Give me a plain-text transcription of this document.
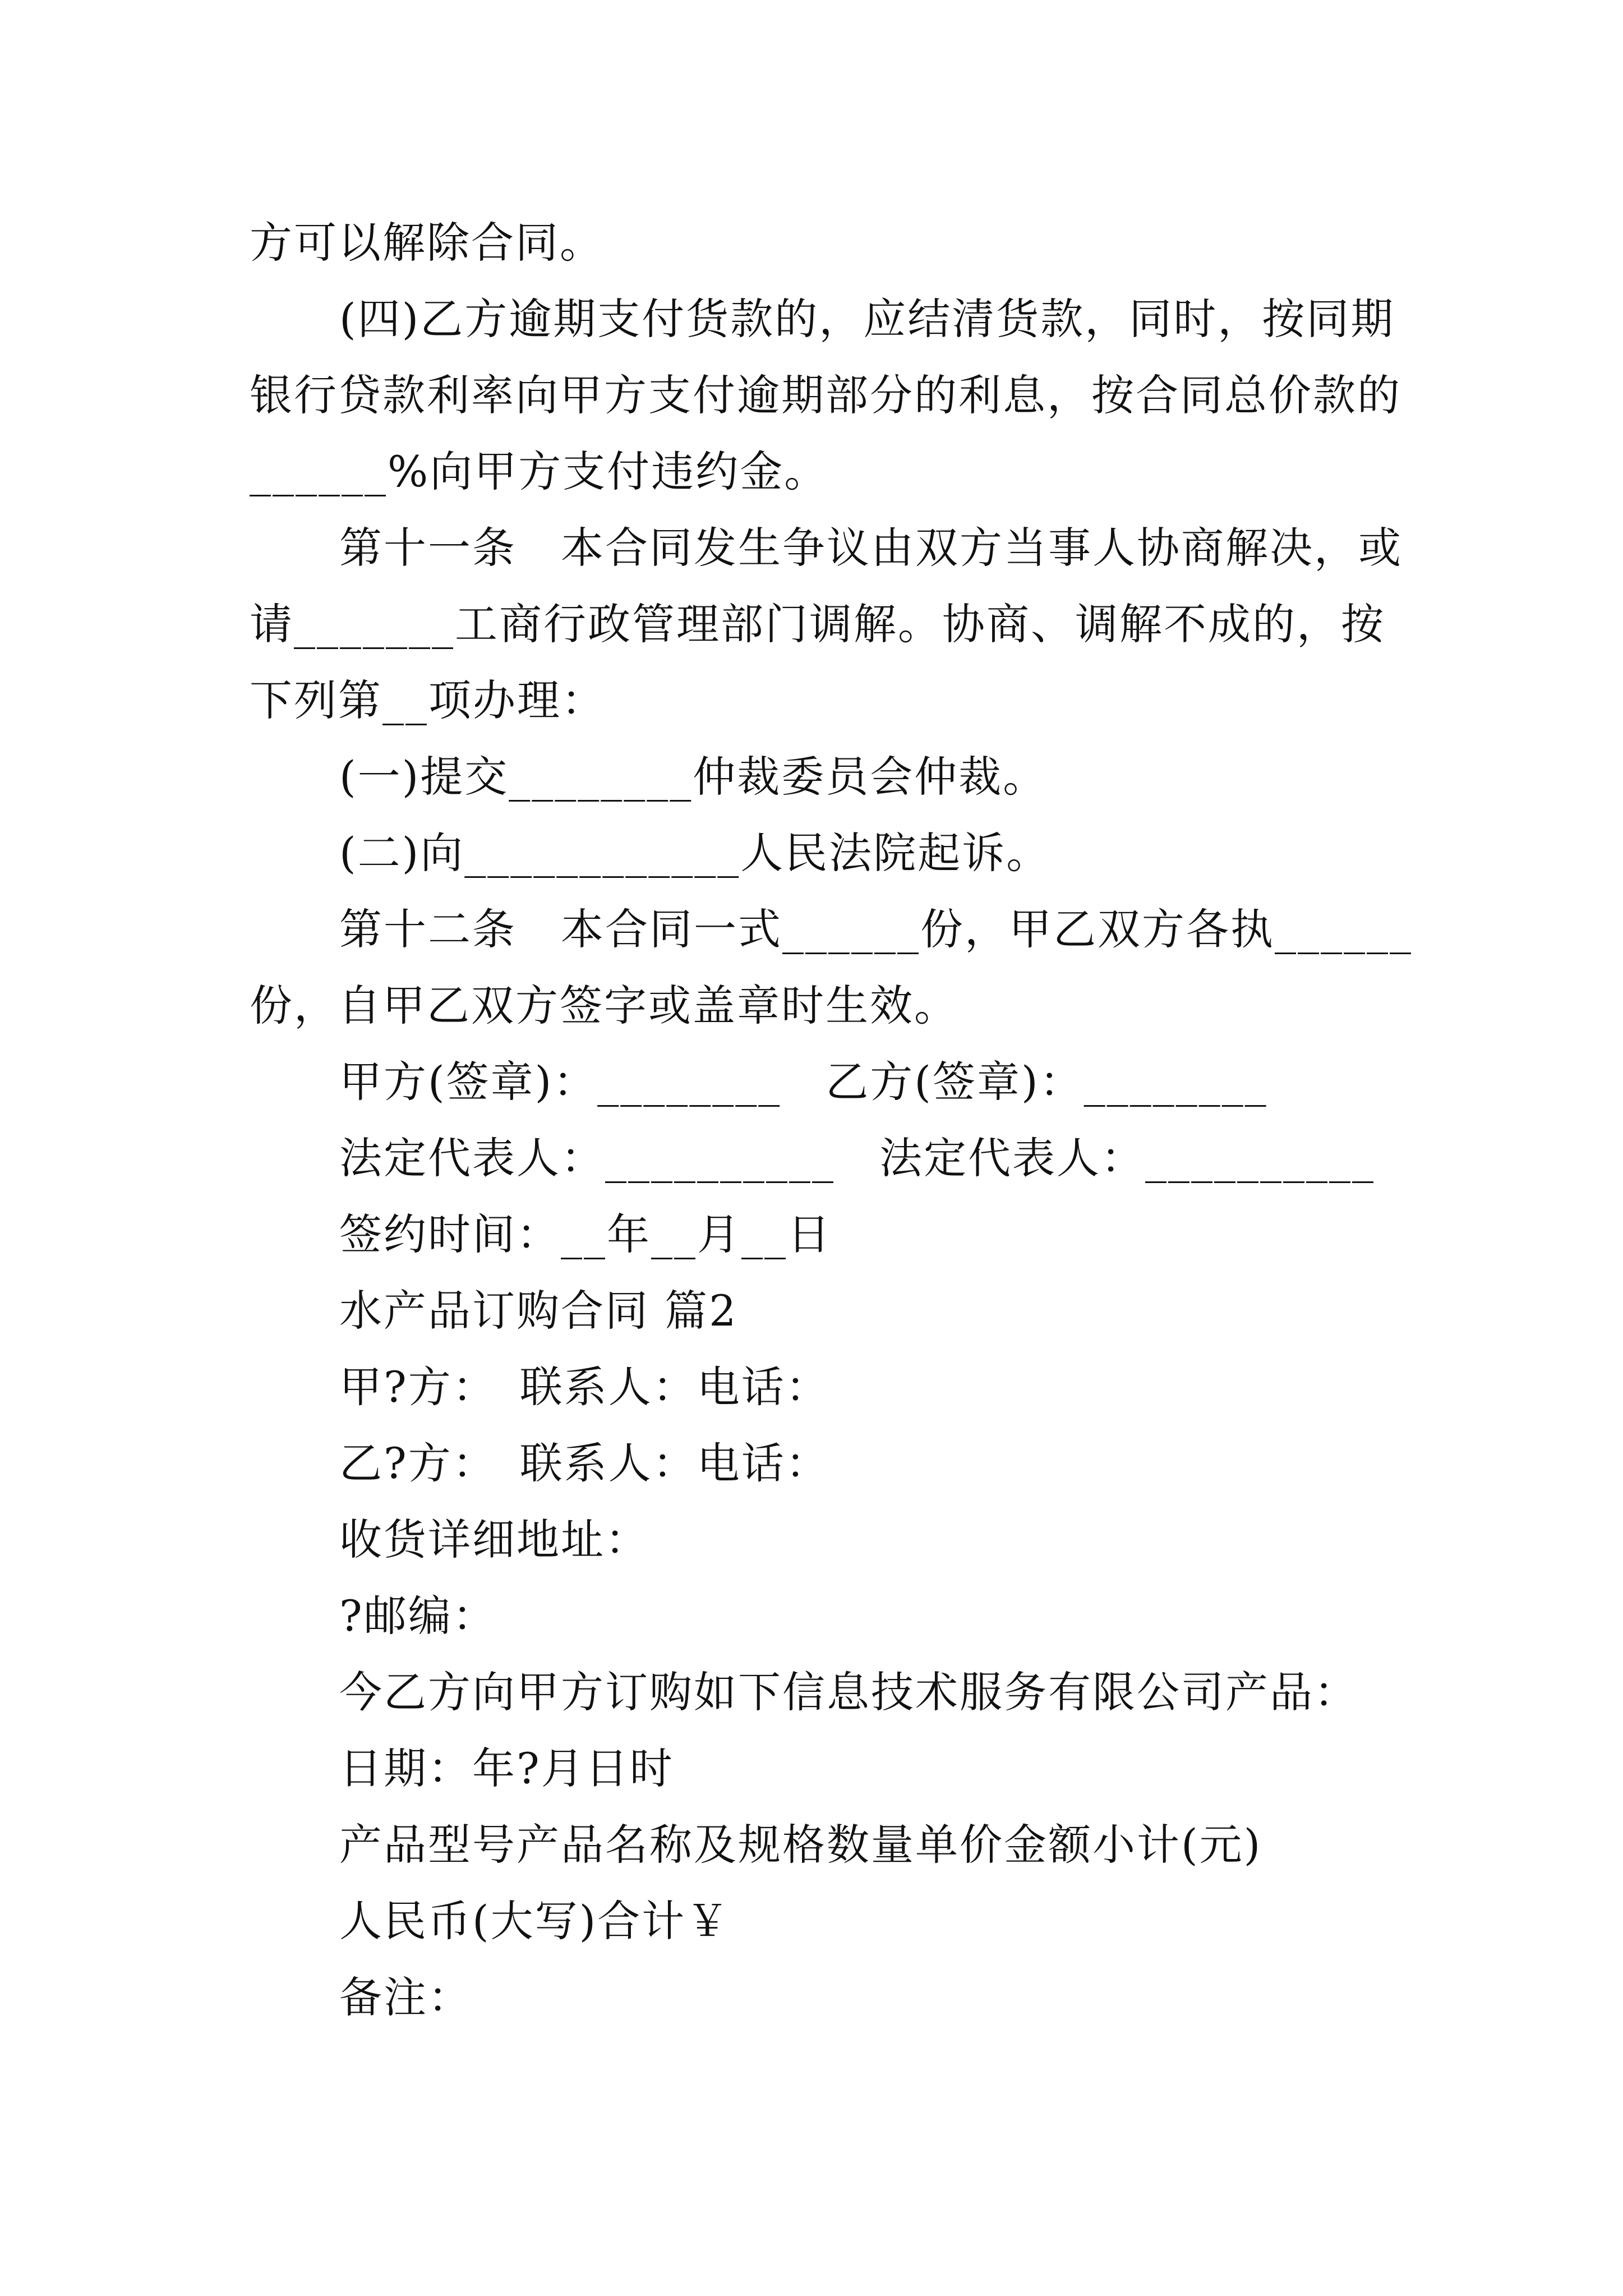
方可以解除合同。
(四)乙方逾期支付货款的，应结清货款，同时，按同期
银行贷款利率向甲方支付逾期部分的利息，按合同总价款的
______%向甲方支付违约金。
第十一条　本合同发生争议由双方当事人协商解决，或
请_______工商行政管理部门调解。协商、调解不成的，按
下列第__项办理：
(一)提交________仲裁委员会仲裁。
(二)向____________人民法院起诉。
第十二条　本合同一式______份，甲乙双方各执______
份，自甲乙双方签字或盖章时生效。
甲方(签章)：________　乙方(签章)：________
法定代表人：__________　法定代表人：__________
签约时间：__年__月__日
水产品订购合同 篇2
甲?方：　联系人：电话：
乙?方：　联系人：电话：
收货详细地址：
?邮编：
今乙方向甲方订购如下信息技术服务有限公司产品：
日期：年?月日时
产品型号产品名称及规格数量单价金额小计(元)
人民币(大写)合计￥
备注：
